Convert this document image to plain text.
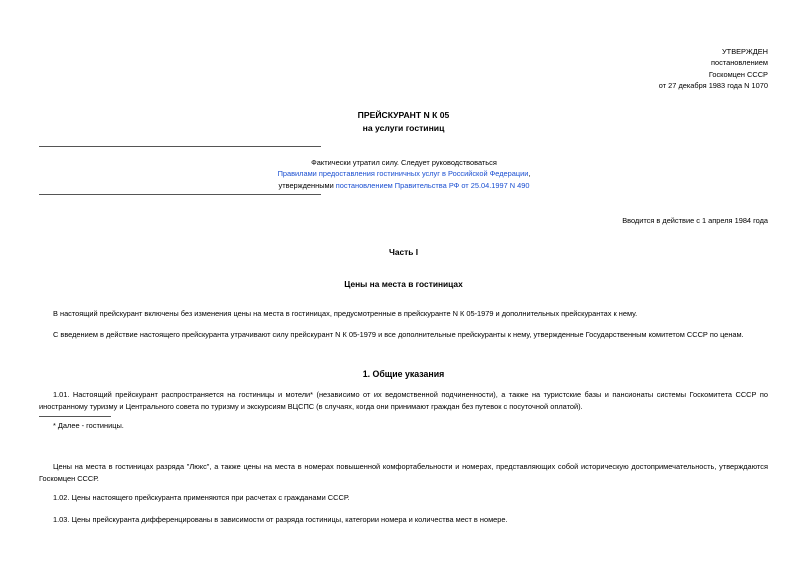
УТВЕРЖДЕН
постановлением
Госкомцен СССР
от 27 декабря 1983 года N 1070
ПРЕЙСКУРАНТ N К 05
на услуги гостиниц
Фактически утратил силу. Следует руководствоваться
Правилами предоставления гостиничных услуг в Российской Федерации,
утвержденными постановлением Правительства РФ от 25.04.1997 N 490
Вводится в действие с 1 апреля 1984 года
Часть I
Цены на места в гостиницах

В настоящий прейскурант включены без изменения цены на места в гостиницах, предусмотренные в прейскуранте N К 05-1979 и дополнительных прейскурантах к нему.

С введением в действие настоящего прейскуранта утрачивают силу прейскурант N К 05-1979 и все дополнительные прейскуранты к нему, утвержденные Государственным комитетом СССР по ценам.

1. Общие указания

1.01. Настоящий прейскурант распространяется на гостиницы и мотели* (независимо от их ведомственной подчиненности), а также на туристские базы и пансионаты системы Госкомитета СССР по иностранному туризму и Центрального совета по туризму и экскурсиям ВЦСПС (в случаях, когда они принимают граждан без путевок с посуточной оплатой).

* Далее - гостиницы.

Цены на места в гостиницах разряда "Люкс", а также цены на места в номерах повышенной комфортабельности и номерах, представляющих собой историческую достопримечательность, утверждаются Госкомцен СССР.

1.02. Цены настоящего прейскуранта применяются при расчетах с гражданами СССР.

1.03. Цены прейскуранта дифференцированы в зависимости от разряда гостиницы, категории номера и количества мест в номере.
